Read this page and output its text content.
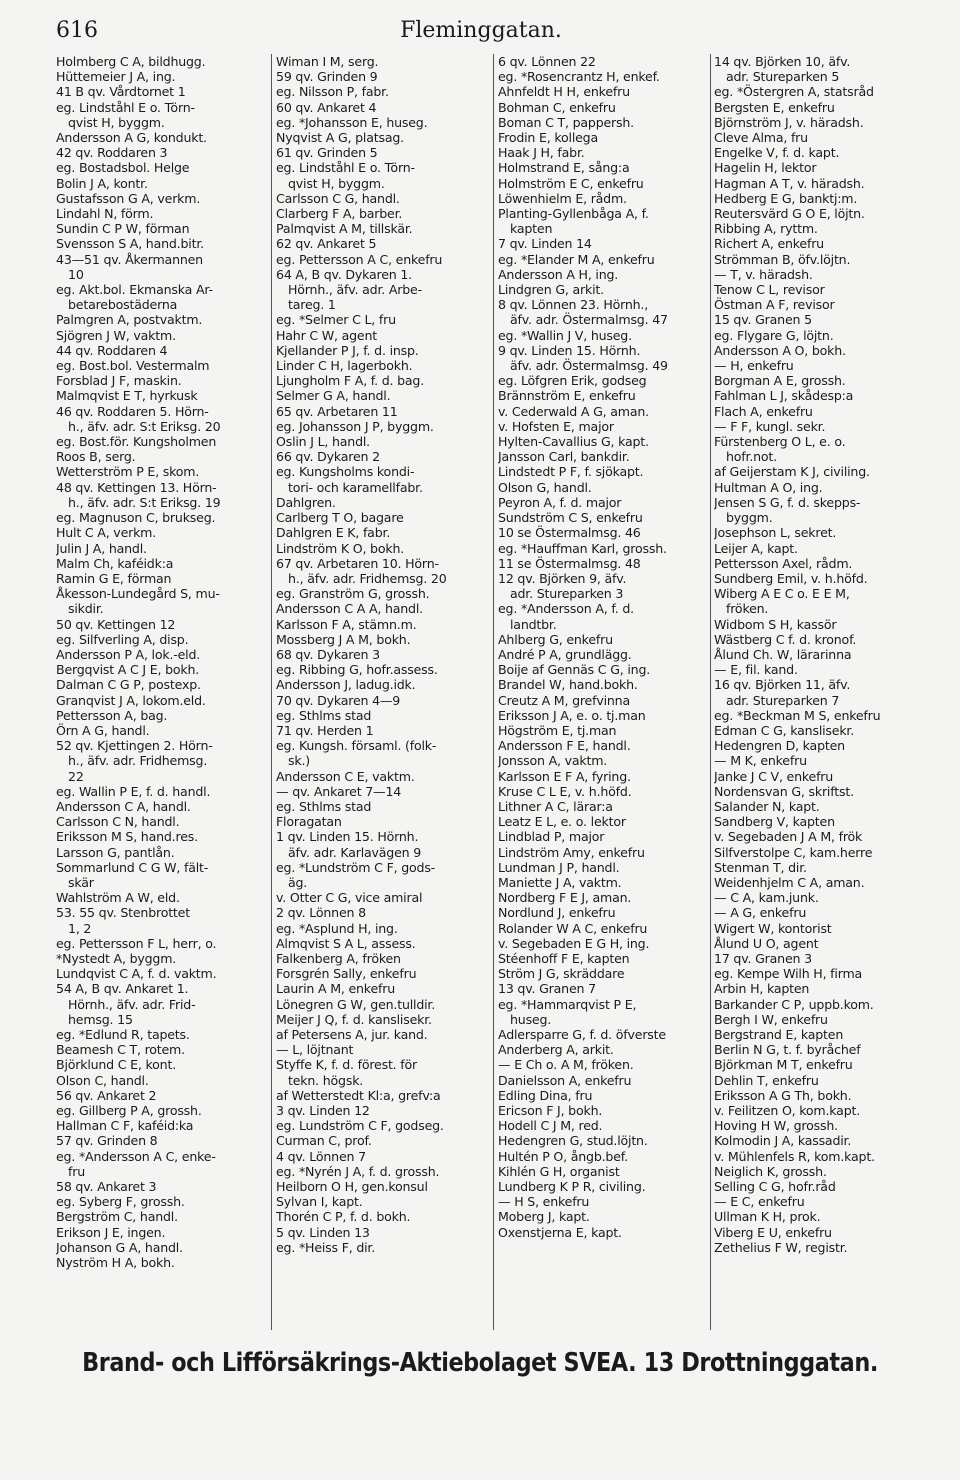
616	Fleminggatan.
Holmberg C A, bildhugg.
Hüttemeier J A, ing.
41 B qv. Vårdtornet 1
eg. Lindståhl E o. Törn-
qvist H, byggm.
Andersson A G, kondukt.
42 qv. Roddaren 3
eg. Bostadsbol. Helge
Bolin J A, kontr.
Gustafsson G A, verkm.
Lindahl N, förm.
Sundin C P W, förman
Svensson S A, hand.bitr.
43—51 qv. Åkermannen
10
eg. Akt.bol. Ekmanska Ar-
betarebostäderna
Palmgren A, postvaktm.
Sjögren J W, vaktm.
44 qv. Roddaren 4
eg. Bost.bol. Vestermalm
Forsblad J F, maskin.
Malmqvist E T, hyrkusk
46 qv. Roddaren 5. Hörn-
h., äfv. adr. S:t Eriksg. 20
eg. Bost.för. Kungsholmen
Roos B, serg.
Wetterström P E, skom.
48 qv. Kettingen 13. Hörn-
h., äfv. adr. S:t Eriksg. 19
eg. Magnuson C, brukseg.
Hult C A, verkm.
Julin J A, handl.
Malm Ch, kaféidk:a
Ramin G E, förman
Åkesson-Lundegård S, mu-
sikdir.
50 qv. Kettingen 12
eg. Silfverling A, disp.
Andersson P A, lok.-eld.
Bergqvist A C J E, bokh.
Dalman C G P, postexp.
Granqvist J A, lokom.eld.
Pettersson A, bag.
Örn A G, handl.
52 qv. Kjettingen 2. Hörn-
h., äfv. adr. Fridhemsg.
22
eg. Wallin P E, f. d. handl.
Andersson C A, handl.
Carlsson C N, handl.
Eriksson M S, hand.res.
Larsson G, pantlån.
Sommarlund C G W, fält-
skär
Wahlström A W, eld.
53. 55 qv. Stenbrottet
1, 2
eg. Pettersson F L, herr, o.
*Nystedt A, byggm.
Lundqvist C A, f. d. vaktm.
54 A, B qv. Ankaret 1.
Hörnh., äfv. adr. Frid-
hemsg. 15
eg. *Edlund R, tapets.
Beamesh C T, rotem.
Björklund C E, kont.
Olson C, handl.
56 qv. Ankaret 2
eg. Gillberg P A, grossh.
Hallman C F, kaféid:ka
57 qv. Grinden 8
eg. *Andersson A C, enke-
fru
58 qv. Ankaret 3
eg. Syberg F, grossh.
Bergström C, handl.
Erikson J E, ingen.
Johanson G A, handl.
Nyström H A, bokh.
Wiman I M, serg.
59 qv. Grinden 9
eg. Nilsson P, fabr.
60 qv. Ankaret 4
eg. *Johansson E, huseg.
Nyqvist A G, platsag.
61 qv. Grinden 5
eg. Lindståhl E o. Törn-
qvist H, byggm.
Carlsson C G, handl.
Clarberg F A, barber.
Palmqvist A M, tillskär.
62 qv. Ankaret 5
eg. Pettersson A C, enkefru
64 A, B qv. Dykaren 1.
Hörnh., äfv. adr. Arbe-
tareg. 1
eg. *Selmer C L, fru
Hahr C W, agent
Kjellander P J, f. d. insp.
Linder C H, lagerbokh.
Ljungholm F A, f. d. bag.
Selmer G A, handl.
65 qv. Arbetaren 11
eg. Johansson J P, byggm.
Oslin J L, handl.
66 qv. Dykaren 2
eg. Kungsholms kondi-
tori- och karamellfabr.
Dahlgren.
Carlberg T O, bagare
Dahlgren E K, fabr.
Lindström K O, bokh.
67 qv. Arbetaren 10. Hörn-
h., äfv. adr. Fridhemsg. 20
eg. Granström G, grossh.
Andersson C A A, handl.
Karlsson F A, stämn.m.
Mossberg J A M, bokh.
68 qv. Dykaren 3
eg. Ribbing G, hofr.assess.
Andersson J, ladug.idk.
70 qv. Dykaren 4—9
eg. Sthlms stad
71 qv. Herden 1
eg. Kungsh. församl. (folk-
sk.)
Andersson C E, vaktm.
— qv. Ankaret 7—14
eg. Sthlms stad
Floragatan
1 qv. Linden 15. Hörnh.
äfv. adr. Karlavägen 9
eg. *Lundström C F, gods-
äg.
v. Otter C G, vice amiral
2 qv. Lönnen 8
eg. *Asplund H, ing.
Almqvist S A L, assess.
Falkenberg A, fröken
Forsgrén Sally, enkefru
Laurin A M, enkefru
Lönegren G W, gen.tulldir.
Meijer J Q, f. d. kanslisekr.
af Petersens A, jur. kand.
— L, löjtnant
Styffe K, f. d. förest. för
tekn. högsk.
af Wetterstedt Kl:a, grefv:a
3 qv. Linden 12
eg. Lundström C F, godseg.
Curman C, prof.
4 qv. Lönnen 7
eg. *Nyrén J A, f. d. grossh.
Heilborn O H, gen.konsul
Sylvan I, kapt.
Thorén C P, f. d. bokh.
5 qv. Linden 13
eg. *Heiss F, dir.
6 qv. Lönnen 22
eg. *Rosencrantz H, enkef.
Ahnfeldt H H, enkefru
Bohman C, enkefru
Boman C T, pappersh.
Frodin E, kollega
Haak J H, fabr.
Holmstrand E, sång:a
Holmström E C, enkefru
Löwenhielm E, rådm.
Planting-Gyllenbåga A, f.
kapten
7 qv. Linden 14
eg. *Elander M A, enkefru
Andersson A H, ing.
Lindgren G, arkit.
8 qv. Lönnen 23. Hörnh.,
äfv. adr. Östermalmsg. 47
eg. *Wallin J V, huseg.
9 qv. Linden 15. Hörnh.
äfv. adr. Östermalmsg. 49
eg. Löfgren Erik, godseg
Brännström E, enkefru
v. Cederwald A G, aman.
v. Hofsten E, major
Hylten-Cavallius G, kapt.
Jansson Carl, bankdir.
Lindstedt P F, f. sjökapt.
Olson G, handl.
Peyron A, f. d. major
Sundström C S, enkefru
10 se Östermalmsg. 46
eg. *Hauffman Karl, grossh.
11 se Östermalmsg. 48
12 qv. Björken 9, äfv.
adr. Stureparken 3
eg. *Andersson A, f. d.
landtbr.
Ahlberg G, enkefru
André P A, grundlägg.
Boije af Gennäs C G, ing.
Brandel W, hand.bokh.
Creutz A M, grefvinna
Eriksson J A, e. o. tj.man
Högström E, tj.man
Andersson F E, handl.
Jonsson A, vaktm.
Karlsson E F A, fyring.
Kruse C L E, v. h.höfd.
Lithner A C, lärar:a
Leatz E L, e. o. lektor
Lindblad P, major
Lindström Amy, enkefru
Lundman J P, handl.
Maniette J A, vaktm.
Nordberg F E J, aman.
Nordlund J, enkefru
Rolander W A C, enkefru
v. Segebaden E G H, ing.
Stéenhoff F E, kapten
Ström J G, skräddare
13 qv. Granen 7
eg. *Hammarqvist P E,
huseg.
Adlersparre G, f. d. öfverste
Anderberg A, arkit.
— E Ch o. A M, fröken.
Danielsson A, enkefru
Edling Dina, fru
Ericson F J, bokh.
Hodell C J M, red.
Hedengren G, stud.löjtn.
Hultén P O, ångb.bef.
Kihlén G H, organist
Lundberg K P R, civiling.
— H S, enkefru
Moberg J, kapt.
Oxenstjerna E, kapt.
14 qv. Björken 10, äfv.
adr. Stureparken 5
eg. *Östergren A, statsråd
Bergsten E, enkefru
Björnström J, v. häradsh.
Cleve Alma, fru
Engelke V, f. d. kapt.
Hagelin H, lektor
Hagman A T, v. häradsh.
Hedberg E G, banktj:m.
Reutersvärd G O E, löjtn.
Ribbing A, ryttm.
Richert A, enkefru
Strömman B, öfv.löjtn.
— T, v. häradsh.
Tenow C L, revisor
Östman A F, revisor
15 qv. Granen 5
eg. Flygare G, löjtn.
Andersson A O, bokh.
— H, enkefru
Borgman A E, grossh.
Fahlman L J, skådesp:a
Flach A, enkefru
— F F, kungl. sekr.
Fürstenberg O L, e. o.
hofr.not.
af Geijerstam K J, civiling.
Hultman A O, ing.
Jensen S G, f. d. skepps-
byggm.
Josephson L, sekret.
Leijer A, kapt.
Pettersson Axel, rådm.
Sundberg Emil, v. h.höfd.
Wiberg A E C o. E E M,
fröken.
Widbom S H, kassör
Wästberg C f. d. kronof.
Ålund Ch. W, lärarinna
— E, fil. kand.
16 qv. Björken 11, äfv.
adr. Stureparken 7
eg. *Beckman M S, enkefru
Edman C G, kanslisekr.
Hedengren D, kapten
— M K, enkefru
Janke J C V, enkefru
Nordensvan G, skriftst.
Salander N, kapt.
Sandberg V, kapten
v. Segebaden J A M, frök
Silfverstolpe C, kam.herre
Stenman T, dir.
Weidenhjelm C A, aman.
— C A, kam.junk.
— A G, enkefru
Wigert W, kontorist
Ålund U O, agent
17 qv. Granen 3
eg. Kempe Wilh H, firma
Arbin H, kapten
Barkander C P, uppb.kom.
Bergh I W, enkefru
Bergstrand E, kapten
Berlin N G, t. f. byråchef
Björkman M T, enkefru
Dehlin T, enkefru
Eriksson A G Th, bokh.
v. Feilitzen O, kom.kapt.
Hoving H W, grossh.
Kolmodin J A, kassadir.
v. Mühlenfels R, kom.kapt.
Neiglich K, grossh.
Selling C G, hofr.råd
— E C, enkefru
Ullman K H, prok.
Viberg E U, enkefru
Zethelius F W, registr.
Brand- och Lifförsäkrings-Aktiebolaget SVEA. 13 Drottninggatan.
